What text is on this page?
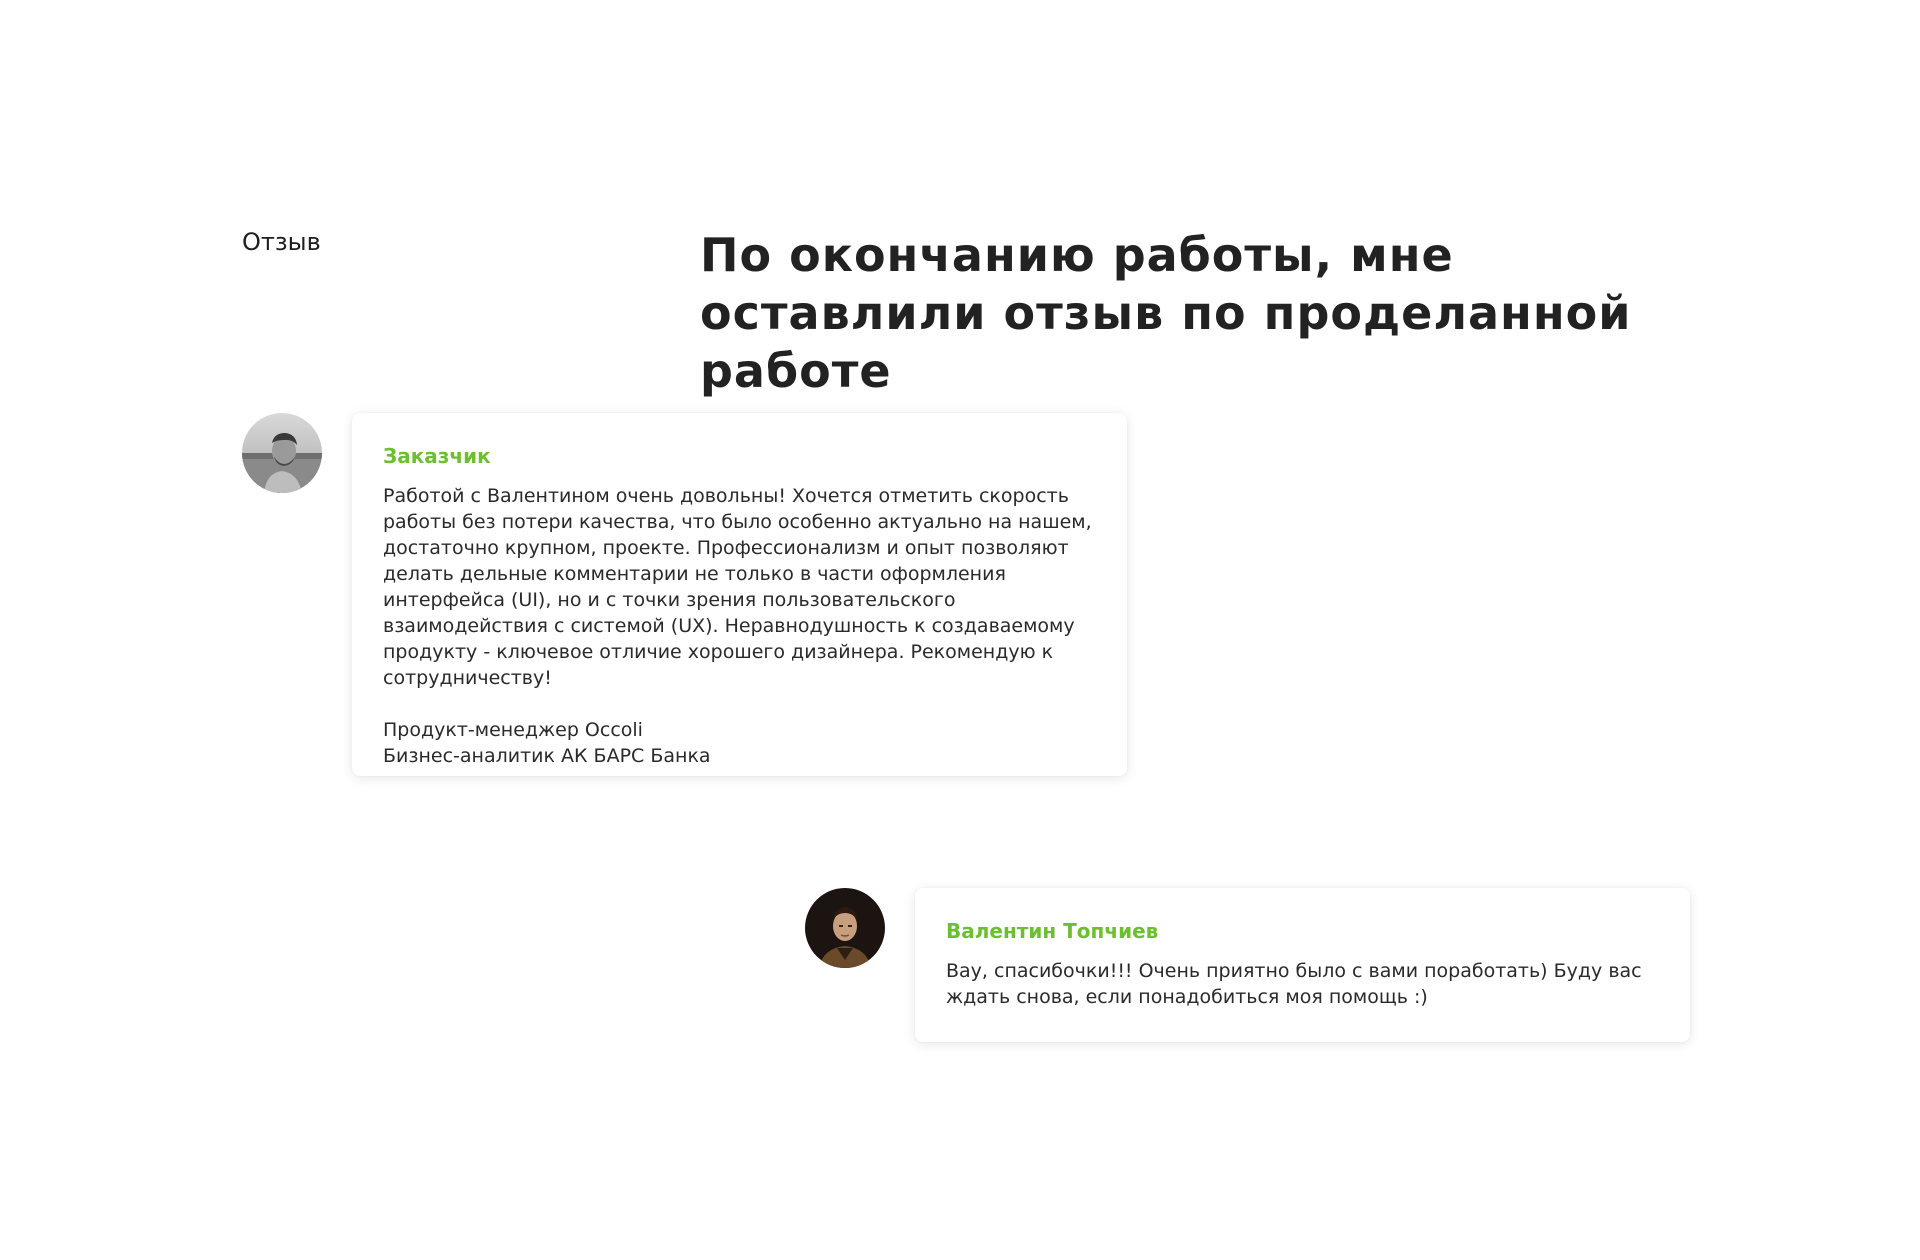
Отзыв	По окончанию работы, мне оставлили отзыв по проделанной работе

Заказчик

Работой с Валентином очень довольны! Хочется отметить скорость работы без потери качества, что было особенно актуально на нашем, достаточно крупном, проекте. Профессионализм и опыт позволяют делать дельные комментарии не только в части оформления интерфейса (UI), но и с точки зрения пользовательского взаимодействия с системой (UX). Неравнодушность к создаваемому продукту - ключевое отличие хорошего дизайнера. Рекомендую к сотрудничеству!

Продукт-менеджер Occoli
Бизнес-аналитик АК БАРС Банка

Валентин Топчиев

Вау, спасибочки!!! Очень приятно было с вами поработать) Буду вас ждать снова, если понадобиться моя помощь :)
